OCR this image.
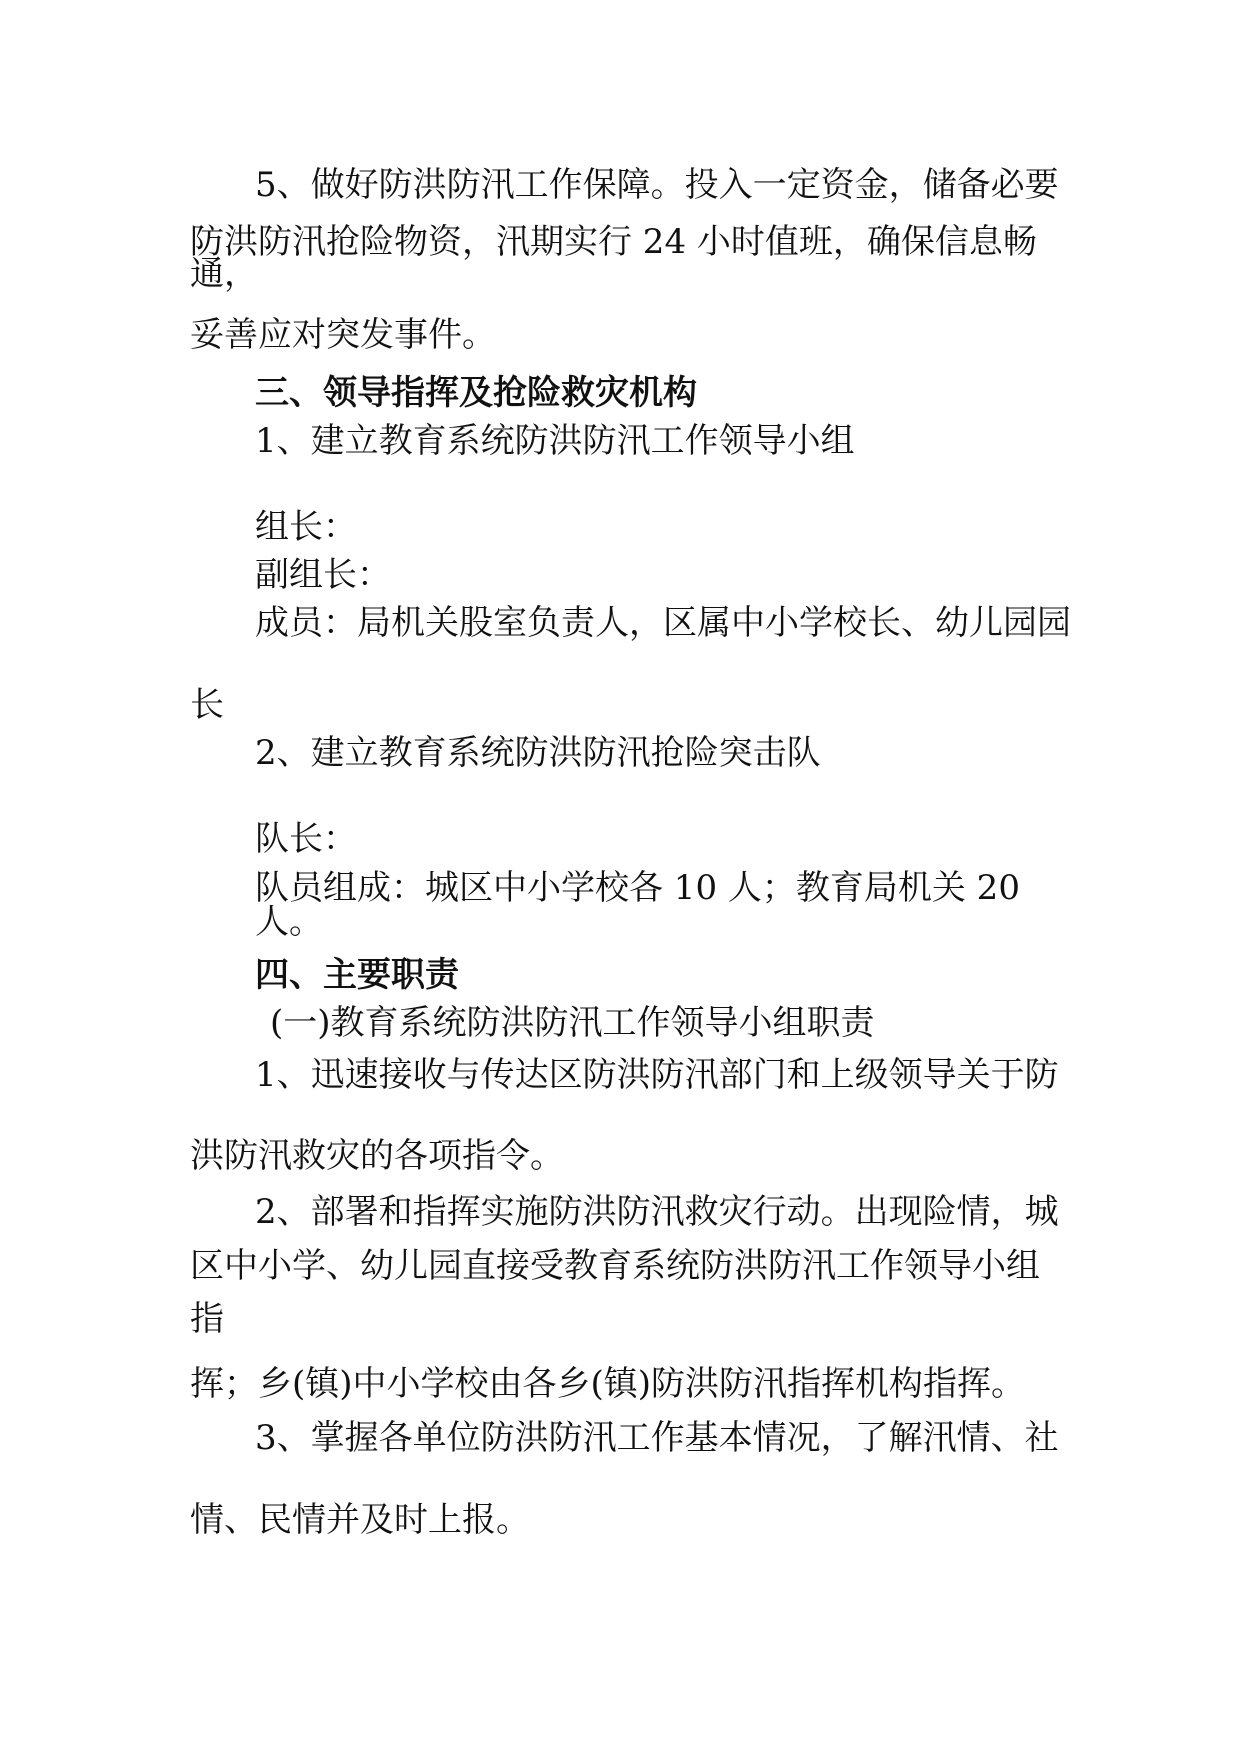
5、做好防洪防汛工作保障。投入一定资金，储备必要
防洪防汛抢险物资，汛期实行 24 小时值班，确保信息畅
通，
妥善应对突发事件。
三、领导指挥及抢险救灾机构
1、建立教育系统防洪防汛工作领导小组
组长：
副组长：
成员：局机关股室负责人，区属中小学校长、幼儿园园
长
2、建立教育系统防洪防汛抢险突击队
队长：
队员组成：城区中小学校各 10 人；教育局机关 20
人。
四、主要职责
(一)教育系统防洪防汛工作领导小组职责
1、迅速接收与传达区防洪防汛部门和上级领导关于防
洪防汛救灾的各项指令。
2、部署和指挥实施防洪防汛救灾行动。出现险情，城
区中小学、幼儿园直接受教育系统防洪防汛工作领导小组
指
挥；乡(镇)中小学校由各乡(镇)防洪防汛指挥机构指挥。
3、掌握各单位防洪防汛工作基本情况，了解汛情、社
情、民情并及时上报。
